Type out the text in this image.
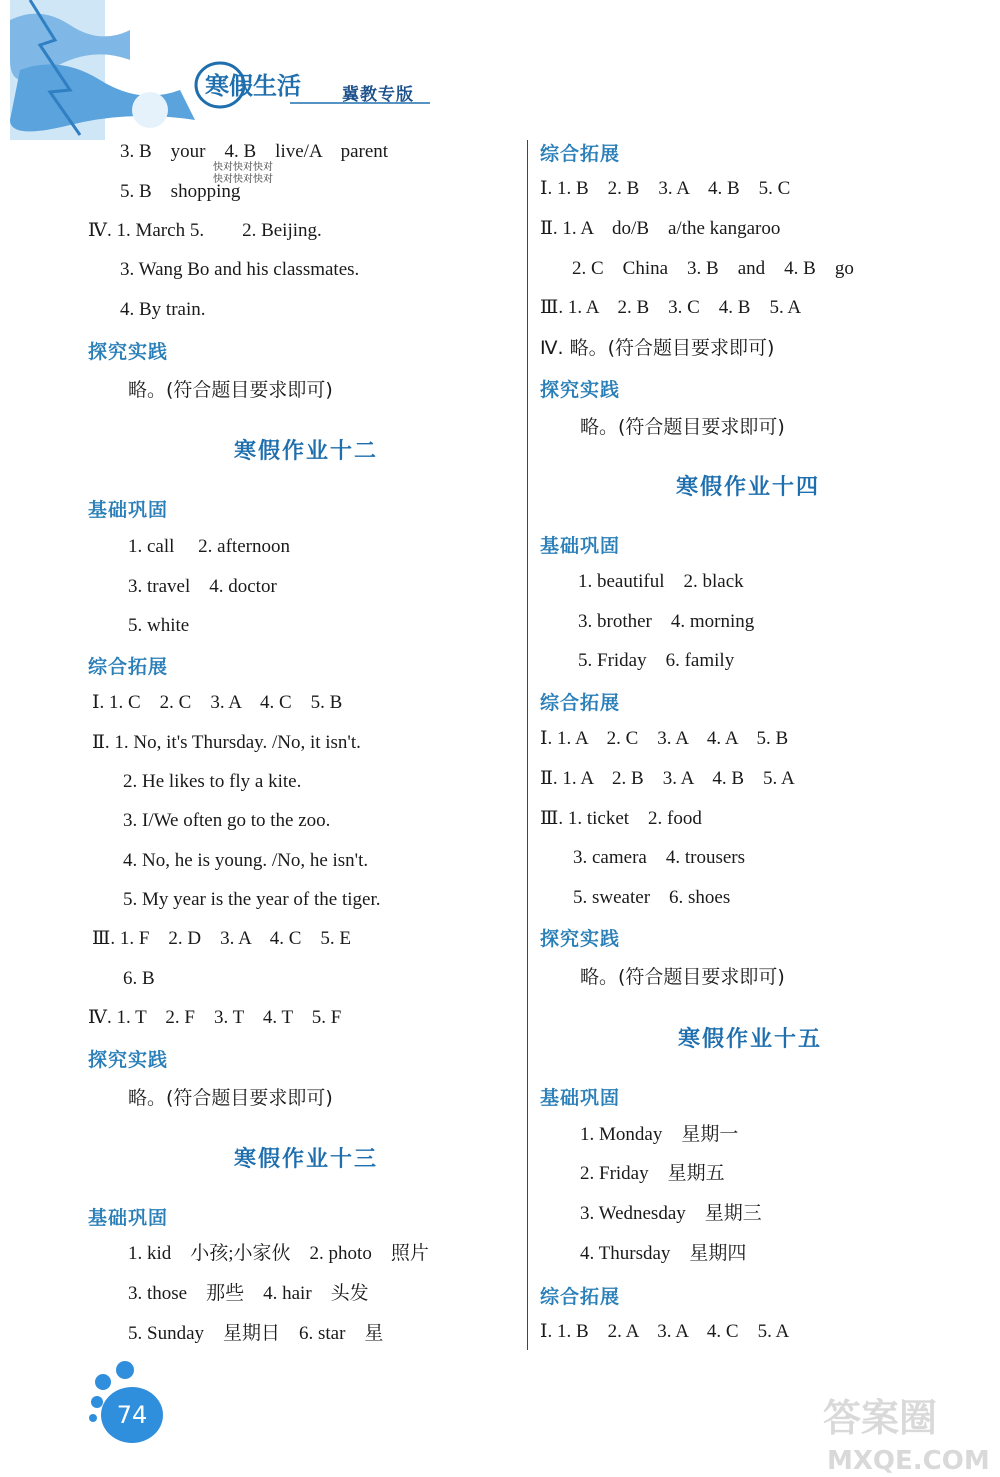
寒假生活 冀教专版
快对快对快对
快对快对快对
3. B　your　4. B　live/A　parent
5. B　shopping
Ⅳ. 1. March 5.　　2. Beijing.
3. Wang Bo and his classmates.
4. By train.
探究实践
略。(符合题目要求即可)
寒假作业十二
基础巩固
1. call　 2. afternoon
3. travel　4. doctor
5. white
综合拓展
Ⅰ. 1. C　2. C　3. A　4. C　5. B
Ⅱ. 1. No, it's Thursday. /No, it isn't.
2. He likes to fly a kite.
3. I/We often go to the zoo.
4. No, he is young. /No, he isn't.
5. My year is the year of the tiger.
Ⅲ. 1. F　2. D　3. A　4. C　5. E
6. B
Ⅳ. 1. T　2. F　3. T　4. T　5. F
探究实践
略。(符合题目要求即可)
寒假作业十三
基础巩固
1. kid　小孩;小家伙　2. photo　照片
3. those　那些　4. hair　头发
5. Sunday　星期日　6. star　星
综合拓展
Ⅰ. 1. B　2. B　3. A　4. B　5. C
Ⅱ. 1. A　do/B　a/the kangaroo
2. C　China　3. B　and　4. B　go
Ⅲ. 1. A　2. B　3. C　4. B　5. A
Ⅳ. 略。(符合题目要求即可)
探究实践
略。(符合题目要求即可)
寒假作业十四
基础巩固
1. beautiful　2. black
3. brother　4. morning
5. Friday　6. family
综合拓展
Ⅰ. 1. A　2. C　3. A　4. A　5. B
Ⅱ. 1. A　2. B　3. A　4. B　5. A
Ⅲ. 1. ticket　2. food
3. camera　4. trousers
5. sweater　6. shoes
探究实践
略。(符合题目要求即可)
寒假作业十五
基础巩固
1. Monday　星期一
2. Friday　星期五
3. Wednesday　星期三
4. Thursday　星期四
综合拓展
Ⅰ. 1. B　2. A　3. A　4. C　5. A
74	答案圈
MXQE.COM
